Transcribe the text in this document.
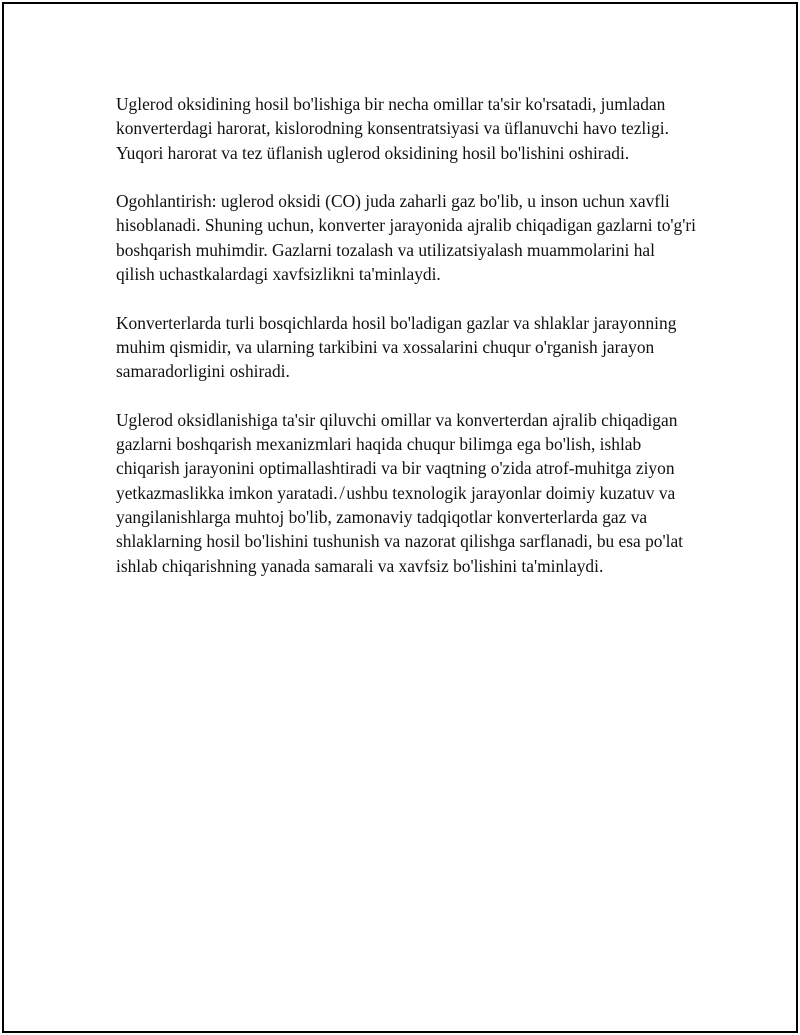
Uglerod oksidining hosil bo'lishiga bir necha omillar ta'sir ko'rsatadi, jumladan konverterdagi harorat, kislorodning konsentratsiyasi va üflanuvchi havo tezligi. Yuqori harorat va tez üflanish uglerod oksidining hosil bo'lishini oshiradi.

Ogohlantirish: uglerod oksidi (CO) juda zaharli gaz bo'lib, u inson uchun xavfli hisoblanadi. Shuning uchun, konverter jarayonida ajralib chiqadigan gazlarni to'g'ri boshqarish muhimdir. Gazlarni tozalash va utilizatsiyalash muammolarini hal qilish uchastkalardagi xavfsizlikni ta'minlaydi.

Konverterlarda turli bosqichlarda hosil bo'ladigan gazlar va shlaklar jarayonning muhim qismidir, va ularning tarkibini va xossalarini chuqur o'rganish jarayon samaradorligini oshiradi.

Uglerod oksidlanishiga ta'sir qiluvchi omillar va konverterdan ajralib chiqadigan gazlarni boshqarish mexanizmlari haqida chuqur bilimga ega bo'lish, ishlab chiqarish jarayonini optimallashtiradi va bir vaqtning o'zida atrof-muhitga ziyon yetkazmaslikka imkon yaratadi. ̸ ushbu texnologik jarayonlar doimiy kuzatuv va yangilanishlarga muhtoj bo'lib, zamonaviy tadqiqotlar konverterlarda gaz va shlaklarning hosil bo'lishini tushunish va nazorat qilishga sarflanadi, bu esa po'lat ishlab chiqarishning yanada samarali va xavfsiz bo'lishini ta'minlaydi.
